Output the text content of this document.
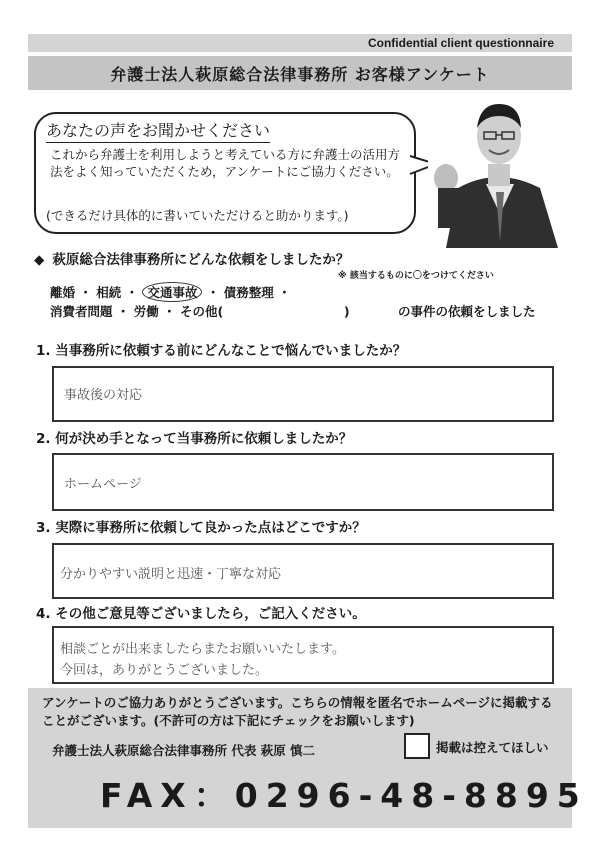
Confidential client questionnaire
弁護士法人萩原総合法律事務所 お客様アンケート
あなたの声をお聞かせください
これから弁護士を利用しようと考えている方に弁護士の活用方法をよく知っていただくため，アンケートにご協力ください。
(できるだけ具体的に書いていただけると助かります。)
◆ 萩原総合法律事務所にどんな依頼をしましたか？
※ 該当するものに〇をつけてください
離婚 ・ 相続 ・ 交通事故 ・ 債務整理 ・
消費者問題 ・ 労働 ・ その他(	)	の事件の依頼をしました
1. 当事務所に依頼する前にどんなことで悩んでいましたか？
事故後の対応
2. 何が決め手となって当事務所に依頼しましたか？
ホームページ
3. 実際に事務所に依頼して良かった点はどこですか？
分かりやすい説明と迅速・丁寧な対応
4. その他ご意見等ございましたら，ご記入ください。
相談ごとが出来ましたらまたお願いいたします。
今回は，ありがとうございました。
アンケートのご協力ありがとうございます。こちらの情報を匿名でホームページに掲載することがございます。(不許可の方は下記にチェックをお願いします)
弁護士法人萩原総合法律事務所 代表 萩原 慎二	掲載は控えてほしい
FAX：0296-48-8895
